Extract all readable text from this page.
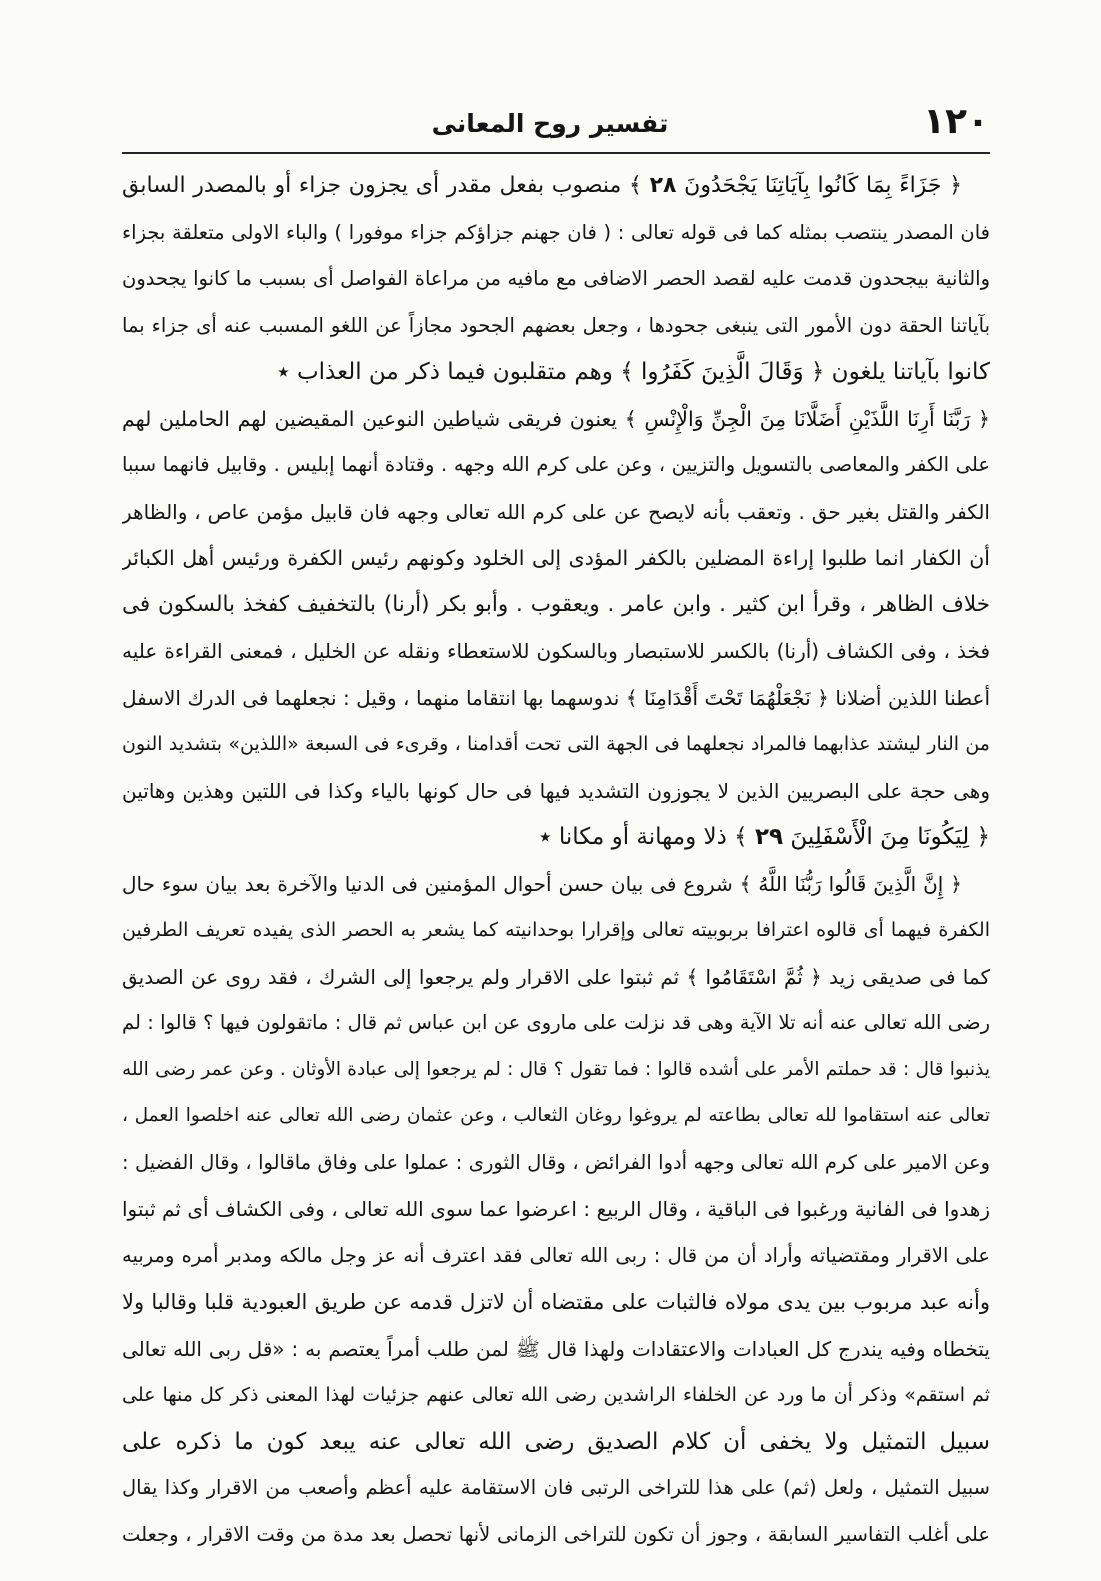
١٢٠
تفسير روح المعانى
﴿ جَزَاءً بِمَا كَانُوا بِآيَاتِنَا يَجْحَدُونَ ٢٨ ﴾ منصوب بفعل مقدر أى يجزون جزاء أو بالمصدر السابق
فان المصدر ينتصب بمثله كما فى قوله تعالى : ( فان جهنم جزاؤكم جزاء موفورا ) والباء الاولى متعلقة بجزاء
والثانية بيجحدون قدمت عليه لقصد الحصر الاضافى مع مافيه من مراعاة الفواصل أى بسبب ما كانوا يجحدون
بآياتنا الحقة دون الأمور التى ينبغى جحودها ، وجعل بعضهم الجحود مجازاً عن اللغو المسبب عنه أى جزاء بما
كانوا بآياتنا يلغون ﴿ وَقَالَ الَّذِينَ كَفَرُوا ﴾ وهم متقلبون فيما ذكر من العذاب ٭
﴿ رَبَّنَا أَرِنَا اللَّذَيْنِ أَضَلَّانَا مِنَ الْجِنِّ وَالْإِنْسِ ﴾ يعنون فريقى شياطين النوعين المقيضين لهم الحاملين لهم
على الكفر والمعاصى بالتسويل والتزيين ، وعن على كرم الله وجهه . وقتادة أنهما إبليس . وقابيل فانهما سببا
الكفر والقتل بغير حق . وتعقب بأنه لايصح عن على كرم الله تعالى وجهه فان قابيل مؤمن عاص ، والظاهر
أن الكفار انما طلبوا إراءة المضلين بالكفر المؤدى إلى الخلود وكونهم رئيس الكفرة ورئيس أهل الكبائر
خلاف الظاهر ، وقرأ ابن كثير . وابن عامر . ويعقوب . وأبو بكر (أرنا) بالتخفيف كفخذ بالسكون فى
فخذ ، وفى الكشاف (أرنا) بالكسر للاستبصار وبالسكون للاستعطاء ونقله عن الخليل ، فمعنى القراءة عليه
أعطنا اللذين أضلانا ﴿ نَجْعَلْهُمَا تَحْتَ أَقْدَامِنَا ﴾ ندوسهما بها انتقاما منهما ، وقيل : نجعلهما فى الدرك الاسفل
من النار ليشتد عذابهما فالمراد نجعلهما فى الجهة التى تحت أقدامنا ، وقرىء فى السبعة «اللذين» بتشديد النون
وهى حجة على البصريين الذين لا يجوزون التشديد فيها فى حال كونها بالياء وكذا فى اللتين وهذين وهاتين
﴿ لِيَكُونَا مِنَ الْأَسْفَلِينَ ٢٩ ﴾ ذلا ومهانة أو مكانا ٭
﴿ إِنَّ الَّذِينَ قَالُوا رَبُّنَا اللَّهُ ﴾ شروع فى بيان حسن أحوال المؤمنين فى الدنيا والآخرة بعد بيان سوء حال
الكفرة فيهما أى قالوه اعترافا بربوبيته تعالى وإقرارا بوحدانيته كما يشعر به الحصر الذى يفيده تعريف الطرفين
كما فى صديقى زيد ﴿ ثُمَّ اسْتَقَامُوا ﴾ ثم ثبتوا على الاقرار ولم يرجعوا إلى الشرك ، فقد روى عن الصديق
رضى الله تعالى عنه أنه تلا الآية وهى قد نزلت على ماروى عن ابن عباس ثم قال : ماتقولون فيها ؟ قالوا : لم
يذنبوا قال : قد حملتم الأمر على أشده قالوا : فما تقول ؟ قال : لم يرجعوا إلى عبادة الأوثان . وعن عمر رضى الله
تعالى عنه استقاموا لله تعالى بطاعته لم يروغوا روغان الثعالب ، وعن عثمان رضى الله تعالى عنه اخلصوا العمل ،
وعن الامير على كرم الله تعالى وجهه أدوا الفرائض ، وقال الثورى : عملوا على وفاق ماقالوا ، وقال الفضيل :
زهدوا فى الفانية ورغبوا فى الباقية ، وقال الربيع : اعرضوا عما سوى الله تعالى ، وفى الكشاف أى ثم ثبتوا
على الاقرار ومقتضياته وأراد أن من قال : ربى الله تعالى فقد اعترف أنه عز وجل مالكه ومدبر أمره ومربيه
وأنه عبد مربوب بين يدى مولاه فالثبات على مقتضاه أن لاتزل قدمه عن طريق العبودية قلبا وقالبا ولا
يتخطاه وفيه يندرج كل العبادات والاعتقادات ولهذا قال ﷺ لمن طلب أمراً يعتصم به : «قل ربى الله تعالى
ثم استقم» وذكر أن ما ورد عن الخلفاء الراشدين رضى الله تعالى عنهم جزئيات لهذا المعنى ذكر كل منها على
سبيل التمثيل ولا يخفى أن كلام الصديق رضى الله تعالى عنه يبعد كون ما ذكره على
سبيل التمثيل ، ولعل (ثم) على هذا للتراخى الرتبى فان الاستقامة عليه أعظم وأصعب من الاقرار وكذا يقال
على أغلب التفاسير السابقة ، وجوز أن تكون للتراخى الزمانى لأنها تحصل بعد مدة من وقت الاقرار ، وجعلت
